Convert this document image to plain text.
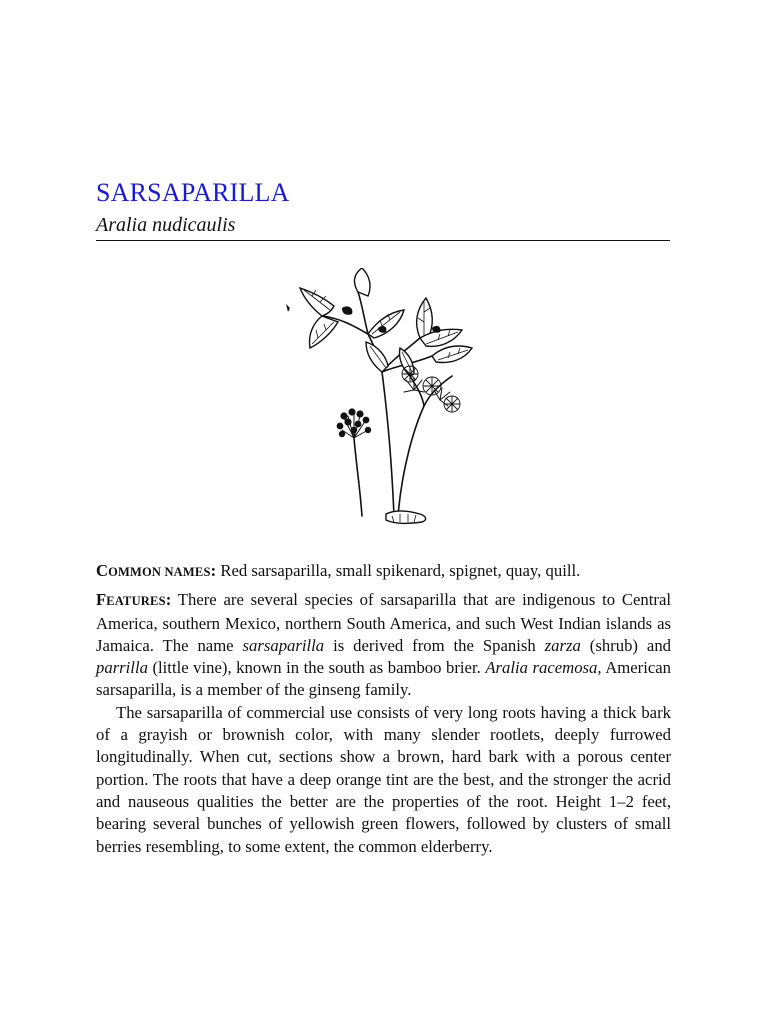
SARSAPARILLA
Aralia nudicaulis

COMMON NAMES: Red sarsaparilla, small spikenard, spignet, quay, quill.

FEATURES: There are several species of sarsaparilla that are indigenous to Central America, southern Mexico, northern South America, and such West Indian islands as Jamaica. The name sarsaparilla is derived from the Spanish zarza (shrub) and parrilla (little vine), known in the south as bamboo brier. Aralia racemosa, American sarsaparilla, is a member of the ginseng family.

The sarsaparilla of commercial use consists of very long roots having a thick bark of a grayish or brownish color, with many slender rootlets, deeply furrowed longitudinally. When cut, sections show a brown, hard bark with a porous center portion. The roots that have a deep orange tint are the best, and the stronger the acrid and nauseous qualities the better are the properties of the root. Height 1–2 feet, bearing several bunches of yellowish green flowers, followed by clusters of small berries resembling, to some extent, the common elderberry.
